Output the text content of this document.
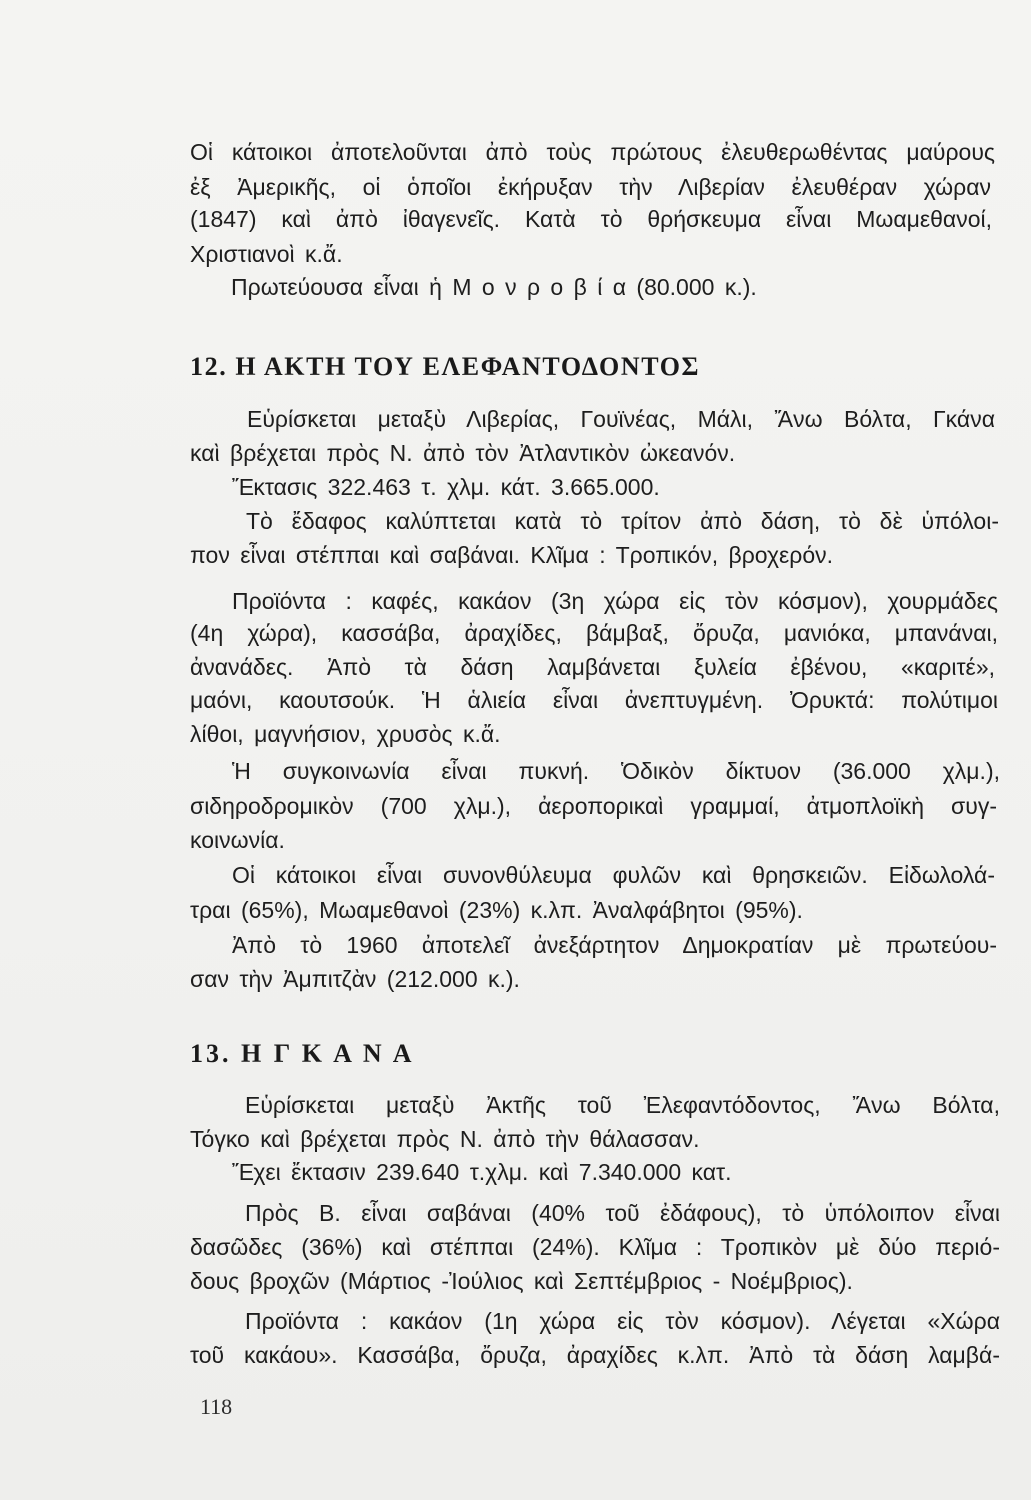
Οἱ κάτοικοι ἀποτελοῦνται ἀπὸ τοὺς πρώτους ἐλευθερωθέντας μαύρους
ἐξ Ἀμερικῆς, οἱ ὁποῖοι ἐκήρυξαν τὴν Λιβερίαν ἐλευθέραν χώραν
(1847) καὶ ἀπὸ ἰθαγενεῖς. Κατὰ τὸ θρήσκευμα εἶναι Μωαμεθανοί,
Χριστιανοὶ κ.ἄ.
Πρωτεύουσα εἶναι ἡ Μ ο ν ρ ο β ί α (80.000 κ.).
12. Η ΑΚΤΗ ΤΟΥ ΕΛΕΦΑΝΤΟΔΟΝΤΟΣ
Εὑρίσκεται μεταξὺ Λιβερίας, Γουϊνέας, Μάλι, Ἄνω Βόλτα, Γκάνα
καὶ βρέχεται πρὸς Ν. ἀπὸ τὸν Ἀτλαντικὸν ὠκεανόν.
Ἔκτασις 322.463 τ. χλμ. κάτ. 3.665.000.
Τὸ ἔδαφος καλύπτεται κατὰ τὸ τρίτον ἀπὸ δάση, τὸ δὲ ὑπόλοι-
πον εἶναι στέππαι καὶ σαβάναι. Κλῖμα : Τροπικόν, βροχερόν.
Προϊόντα : καφές, κακάον (3η χώρα εἰς τὸν κόσμον), χουρμάδες
(4η χώρα), κασσάβα, ἀραχίδες, βάμβαξ, ὄρυζα, μανιόκα, μπανάναι,
ἀνανάδες. Ἀπὸ τὰ δάση λαμβάνεται ξυλεία ἐβένου, «καριτέ»,
μαόνι, καουτσούκ. Ἡ ἁλιεία εἶναι ἀνεπτυγμένη. Ὀρυκτά: πολύτιμοι
λίθοι, μαγνήσιον, χρυσὸς κ.ἄ.
Ἡ συγκοινωνία εἶναι πυκνή. Ὁδικὸν δίκτυον (36.000 χλμ.),
σιδηροδρομικὸν (700 χλμ.), ἀεροπορικαὶ γραμμαί, ἀτμοπλοϊκὴ συγ-
κοινωνία.
Οἱ κάτοικοι εἶναι συνονθύλευμα φυλῶν καὶ θρησκειῶν. Εἰδωλολά-
τραι (65%), Μωαμεθανοὶ (23%) κ.λπ. Ἀναλφάβητοι (95%).
Ἀπὸ τὸ 1960 ἀποτελεῖ ἀνεξάρτητον Δημοκρατίαν μὲ πρωτεύου-
σαν τὴν Ἀμπιτζὰν (212.000 κ.).
13. Η Γ Κ Α Ν Α
Εὑρίσκεται μεταξὺ Ἀκτῆς τοῦ Ἐλεφαντόδοντος, Ἄνω Βόλτα,
Τόγκο καὶ βρέχεται πρὸς Ν. ἀπὸ τὴν θάλασσαν.
Ἔχει ἔκτασιν 239.640 τ.χλμ. καὶ 7.340.000 κατ.
Πρὸς Β. εἶναι σαβάναι (40% τοῦ ἐδάφους), τὸ ὑπόλοιπον εἶναι
δασῶδες (36%) καὶ στέππαι (24%). Κλῖμα : Τροπικὸν μὲ δύο περιό-
δους βροχῶν (Μάρτιος -Ἰούλιος καὶ Σεπτέμβριος - Νοέμβριος).
Προϊόντα : κακάον (1η χώρα εἰς τὸν κόσμον). Λέγεται «Χώρα
τοῦ κακάου». Κασσάβα, ὄρυζα, ἀραχίδες κ.λπ. Ἀπὸ τὰ δάση λαμβά-
118
